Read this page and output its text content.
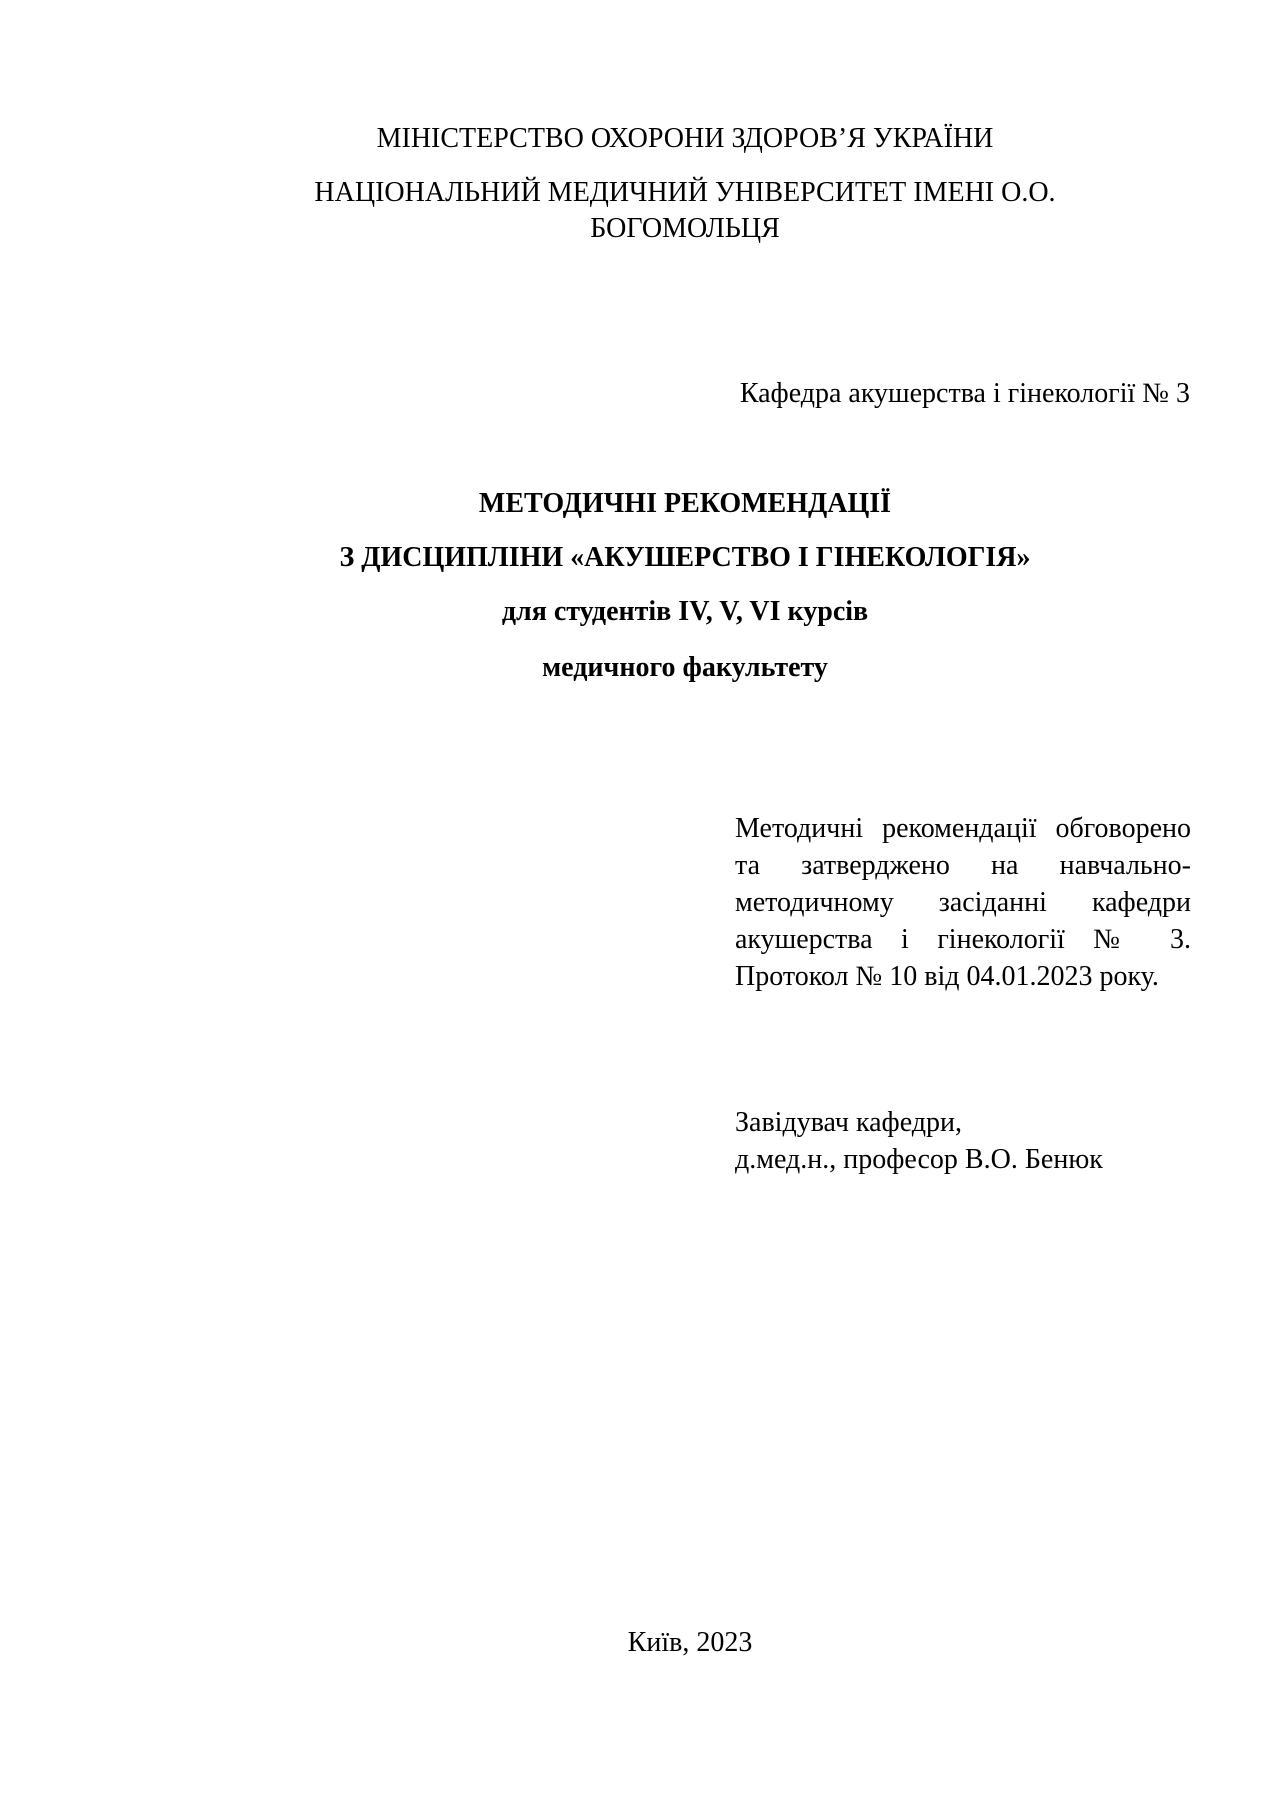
МІНІСТЕРСТВО ОХОРОНИ ЗДОРОВ’Я УКРАЇНИ
НАЦІОНАЛЬНИЙ МЕДИЧНИЙ УНІВЕРСИТЕТ ІМЕНІ О.О.
БОГОМОЛЬЦЯ
Кафедра акушерства і гінекології № 3
МЕТОДИЧНІ РЕКОМЕНДАЦІЇ
З ДИСЦИПЛІНИ «АКУШЕРСТВО І ГІНЕКОЛОГІЯ»
для студентів IV, V, VI курсів
медичного факультету
Методичні рекомендації обговорено та затверджено на навчально-методичному засіданні кафедри акушерства і гінекології № 3. Протокол № 10 від 04.01.2023 року.
Завідувач кафедри,
д.мед.н., професор В.О. Бенюк
Київ, 2023
